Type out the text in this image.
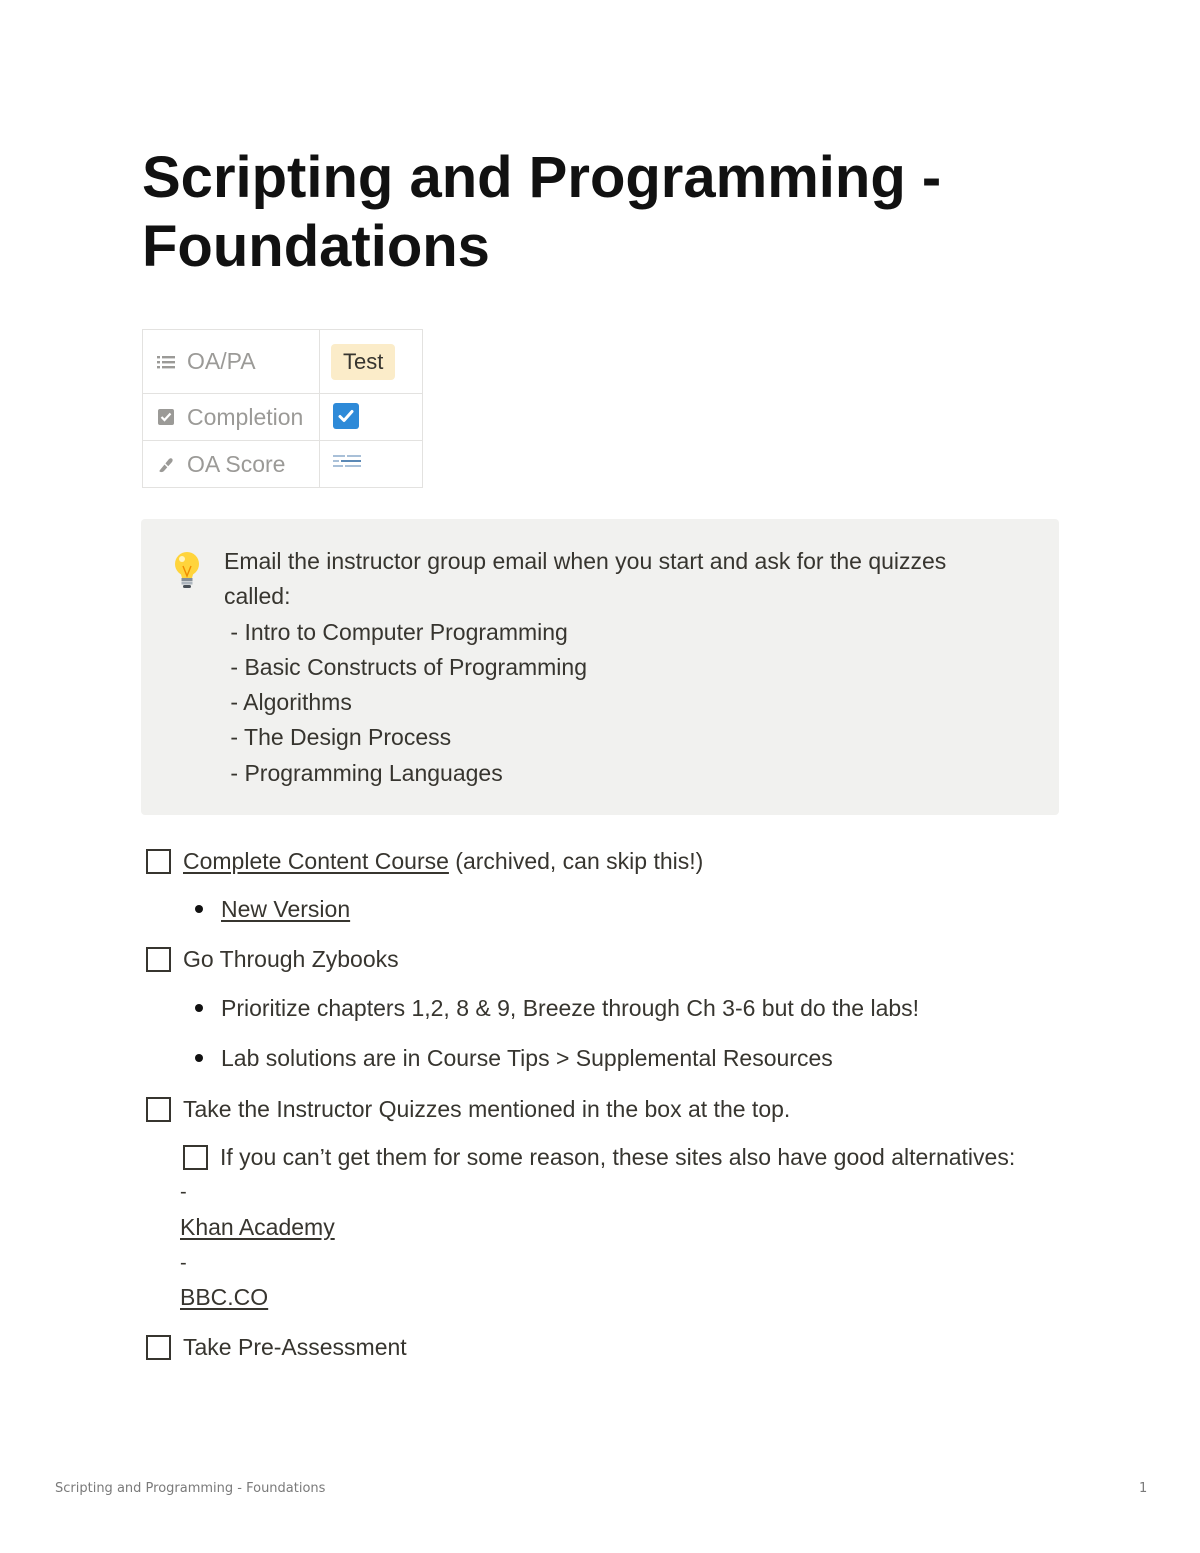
Scripting and Programming - Foundations
OA/PA	Test

Completion

OA Score

Email the instructor group email when you start and ask for the quizzes
called:
- Intro to Computer Programming
- Basic Constructs of Programming
- Algorithms
- The Design Process
- Programming Languages
Complete Content Course (archived, can skip this!)
New Version
Go Through Zybooks
Prioritize chapters 1,2, 8 & 9, Breeze through Ch 3-6 but do the labs!
Lab solutions are in Course Tips > Supplemental Resources
Take the Instructor Quizzes mentioned in the box at the top.
If you can’t get them for some reason, these sites also have good alternatives:
-
Khan Academy
-
BBC.CO
Take Pre-Assessment
Scripting and Programming - Foundations	1
